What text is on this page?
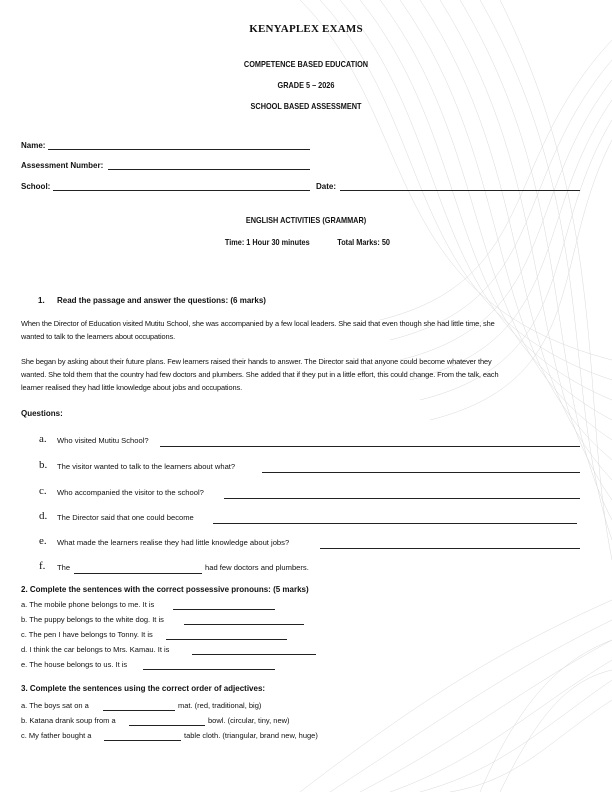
KENYAPLEX EXAMS
COMPETENCE BASED EDUCATION
GRADE 5 – 2026
SCHOOL BASED ASSESSMENT
Name:
Assessment Number:
School:	Date:
ENGLISH ACTIVITIES (GRAMMAR)
Time: 1 Hour 30 minutes	Total Marks: 50
1. Read the passage and answer the questions: (6 marks)
When the Director of Education visited Mutitu School, she was accompanied by a few local leaders. She said that even though she had little time, she
wanted to talk to the learners about occupations.
She began by asking about their future plans. Few learners raised their hands to answer. The Director said that anyone could become whatever they
wanted. She told them that the country had few doctors and plumbers. She added that if they put in a little effort, this could change. From the talk, each
learner realised they had little knowledge about jobs and occupations.
Questions:
a. Who visited Mutitu School?
b. The visitor wanted to talk to the learners about what?
c. Who accompanied the visitor to the school?
d. The Director said that one could become
e. What made the learners realise they had little knowledge about jobs?
f. The	had few doctors and plumbers.
2. Complete the sentences with the correct possessive pronouns: (5 marks)
a. The mobile phone belongs to me. It is
b. The puppy belongs to the white dog. It is
c. The pen I have belongs to Tonny. It is
d. I think the car belongs to Mrs. Kamau. It is
e. The house belongs to us. It is
3. Complete the sentences using the correct order of adjectives:
a. The boys sat on a	mat. (red, traditional, big)
b. Katana drank soup from a	bowl. (circular, tiny, new)
c. My father bought a	table cloth. (triangular, brand new, huge)
